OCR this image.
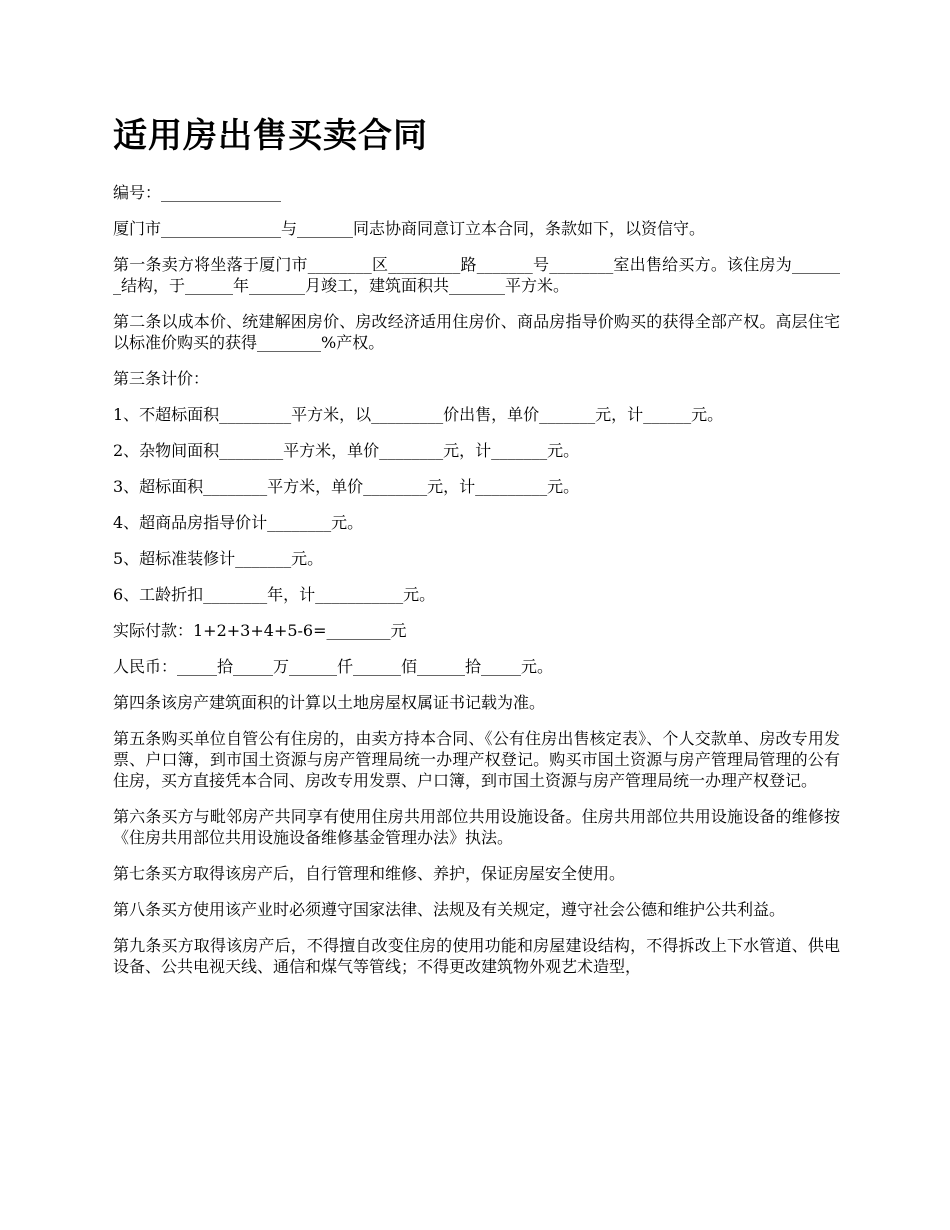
适用房出售买卖合同

编号：_______________

厦门市_______________与_______同志协商同意订立本合同，条款如下，以资信守。

第一条卖方将坐落于厦门市________区_________路_______号________室出售给买方。该住房为_______结构，于______年_______月竣工，建筑面积共_______平方米。

第二条以成本价、统建解困房价、房改经济适用住房价、商品房指导价购买的获得全部产权。高层住宅以标准价购买的获得________%产权。

第三条计价：

1、不超标面积_________平方米，以_________价出售，单价_______元，计______元。

2、杂物间面积________平方米，单价________元，计_______元。

3、超标面积________平方米，单价________元，计_________元。

4、超商品房指导价计________元。

5、超标准装修计_______元。

6、工龄折扣________年，计___________元。

实际付款：1+2+3+4+5-6=________元

人民币：_____拾_____万______仟______佰______拾_____元。

第四条该房产建筑面积的计算以土地房屋权属证书记载为准。

第五条购买单位自管公有住房的，由卖方持本合同、《公有住房出售核定表》、个人交款单、房改专用发票、户口簿，到市国土资源与房产管理局统一办理产权登记。购买市国土资源与房产管理局管理的公有住房，买方直接凭本合同、房改专用发票、户口簿，到市国土资源与房产管理局统一办理产权登记。

第六条买方与毗邻房产共同享有使用住房共用部位共用设施设备。住房共用部位共用设施设备的维修按《住房共用部位共用设施设备维修基金管理办法》执法。

第七条买方取得该房产后，自行管理和维修、养护，保证房屋安全使用。

第八条买方使用该产业时必须遵守国家法律、法规及有关规定，遵守社会公德和维护公共利益。

第九条买方取得该房产后，不得擅自改变住房的使用功能和房屋建设结构，不得拆改上下水管道、供电设备、公共电视天线、通信和煤气等管线；不得更改建筑物外观艺术造型，
